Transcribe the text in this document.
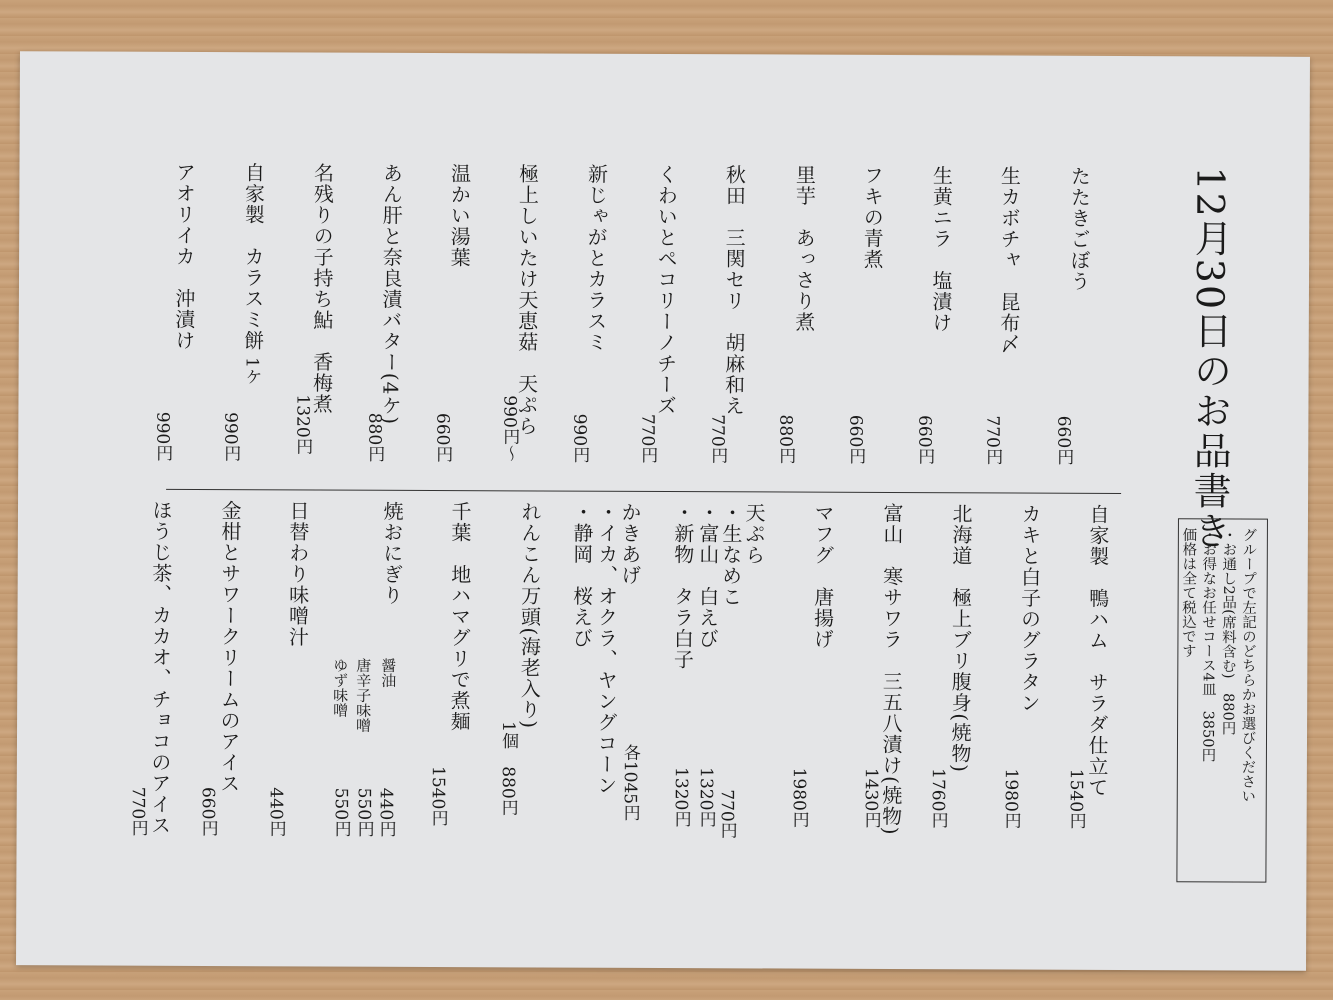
12月30日のお品書き
たたきごぼう
660円
生カボチャ　昆布〆
770円
生黄ニラ　塩漬け
660円
フキの青煮
660円
里芋　あっさり煮
880円
秋田　三関セリ　胡麻和え
770円
くわいとペコリーノチーズ
770円
新じゃがとカラスミ
990円
極上しいたけ天恵菇　天ぷら
990円～
温かい湯葉
660円
あん肝と奈良漬バター(4ケ)
880円
名残りの子持ち鮎　香梅煮
1320円
自家製　カラスミ餅
1ケ
990円
アオリイカ　沖漬け
990円
自家製　鴨ハム　サラダ仕立て
1540円
カキと白子のグラタン
1980円
北海道　極上ブリ腹身(焼物)
1760円
富山　寒サワラ　三五八漬け(焼物)
1430円
マフグ　唐揚げ
1980円
天ぷら
・生なめこ
770円
・富山　白えび
1320円
・新物　タラ白子
1320円
かきあげ
・イカ、オクラ、ヤングコーン
・静岡　桜えび
各1045円
れんこん万頭(海老入り)
1個
880円
千葉　地ハマグリで煮麺
1540円
焼おにぎり
醤油
440円
唐辛子味噌
550円
ゆず味噌
550円
日替わり味噌汁
440円
金柑とサワークリームのアイス
660円
ほうじ茶、カカオ、チョコのアイス
770円
グループで左記のどちらかお選びください
・お通し2品(席料含む)　880円
・お得なお任せコース4皿　3850円
価格は全て税込です
